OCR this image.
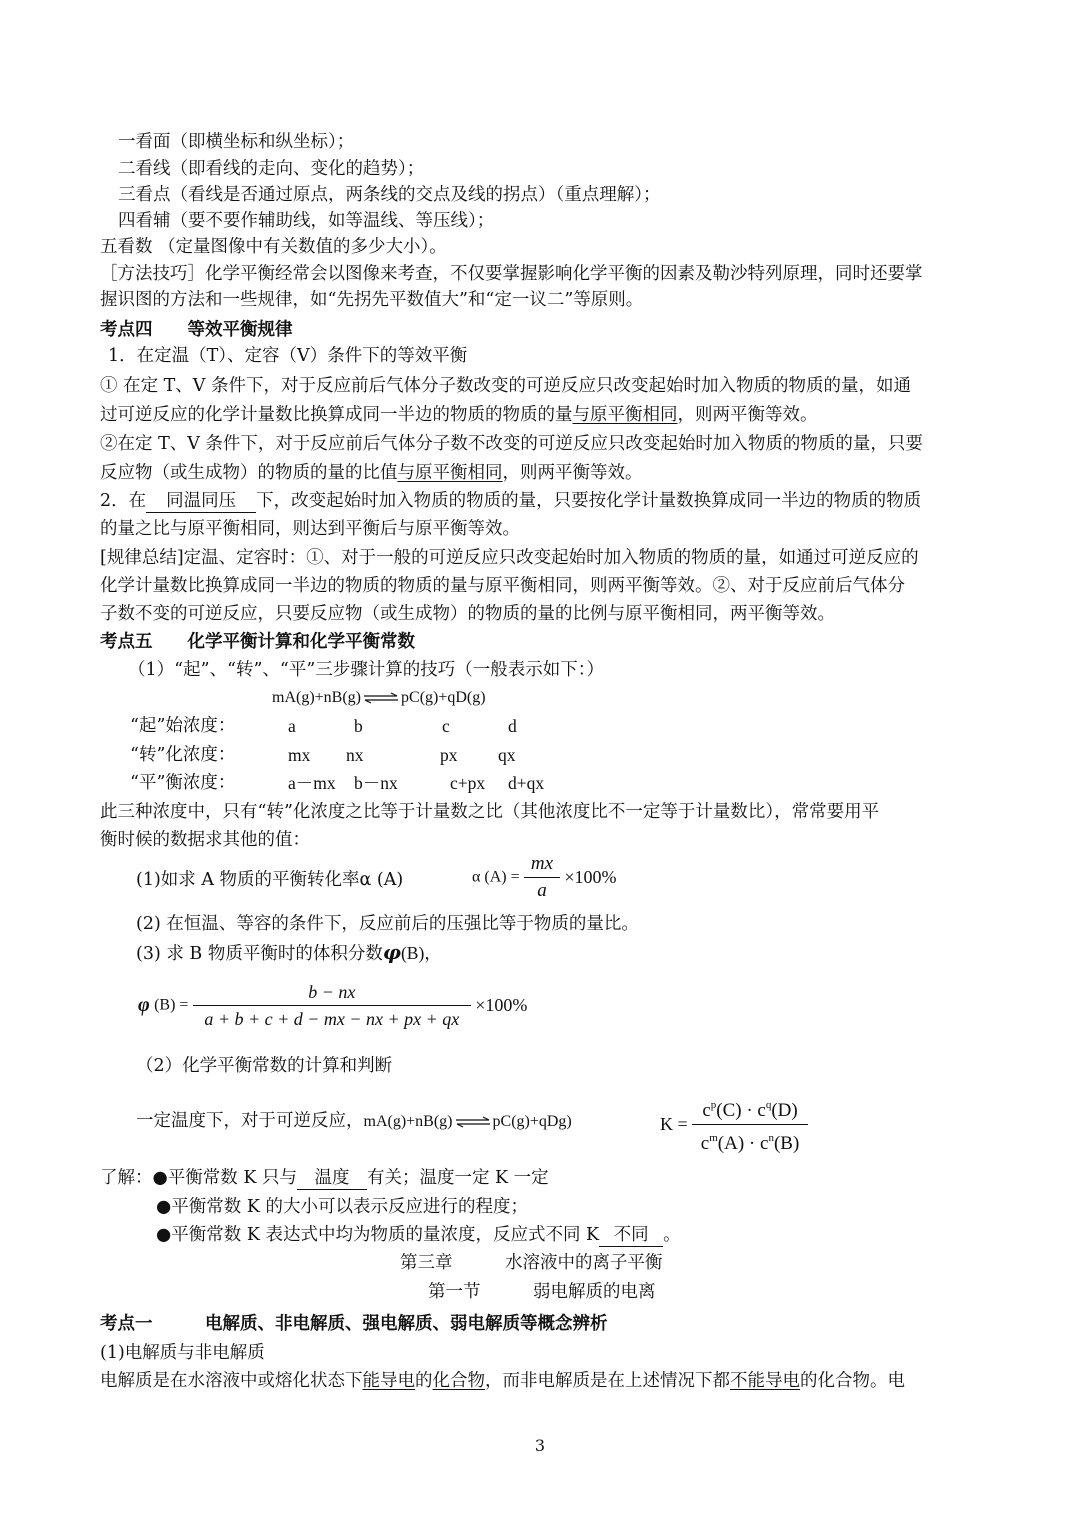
一看面（即横坐标和纵坐标）；
二看线（即看线的走向、变化的趋势）；
三看点（看线是否通过原点，两条线的交点及线的拐点）（重点理解）；
四看辅（要不要作辅助线，如等温线、等压线）；
五看数 （定量图像中有关数值的多少大小）。
［方法技巧］化学平衡经常会以图像来考查，不仅要掌握影响化学平衡的因素及勒沙特列原理，同时还要掌
握识图的方法和一些规律，如“先拐先平数值大”和“定一议二”等原则。
考点四　　等效平衡规律
1．在定温（T）、定容（V）条件下的等效平衡
① 在定 T、V 条件下，对于反应前后气体分子数改变的可逆反应只改变起始时加入物质的物质的量，如通
过可逆反应的化学计量数比换算成同一半边的物质的物质的量与原平衡相同，则两平衡等效。
②在定 T、V 条件下，对于反应前后气体分子数不改变的可逆反应只改变起始时加入物质的物质的量，只要
反应物（或生成物）的物质的量的比值与原平衡相同，则两平衡等效。
2．在 同温同压 下，改变起始时加入物质的物质的量，只要按化学计量数换算成同一半边的物质的物质
的量之比与原平衡相同，则达到平衡后与原平衡等效。
[规律总结]定温、定容时：①、对于一般的可逆反应只改变起始时加入物质的物质的量，如通过可逆反应的
化学计量数比换算成同一半边的物质的物质的量与原平衡相同，则两平衡等效。②、对于反应前后气体分
子数不变的可逆反应，只要反应物（或生成物）的物质的量的比例与原平衡相同，两平衡等效。
考点五　　化学平衡计算和化学平衡常数
（1）“起”、“转”、“平”三步骤计算的技巧（一般表示如下：）
mA(g)+nB(g) ⇌ pC(g)+qD(g)
“起”始浓度：	a	b	c	d
“转”化浓度：	mx nx	px qx
“平”衡浓度：	a－mx b－nx	c+px d+qx
此三种浓度中，只有“转”化浓度之比等于计量数之比（其他浓度比不一定等于计量数比），常常要用平
衡时候的数据求其他的值：
(1)如求 A 物质的平衡转化率α (A)	α $(A) = \frac{mx}{a} \times 100\%$
(2) 在恒温、等容的条件下，反应前后的压强比等于物质的量比。
(3) 求 B 物质平衡时的体积分数φ(B)，
φ $(B) = \frac{b - nx}{a + b + c + d - mx - nx + px + qx} \times 100\%$
（2）化学平衡常数的计算和判断
一定温度下，对于可逆反应，mA(g)+nB(g) ⇌ pC(g)+qDg)	$K = \frac{c^p(C) \cdot c^q(D)}{c^m(A) \cdot c^n(B)}$
了解：●平衡常数 K 只与 温度 有关；温度一定 K 一定
●平衡常数 K 的大小可以表示反应进行的程度；
●平衡常数 K 表达式中均为物质的量浓度，反应式不同 K 不同 。
第三章　　　水溶液中的离子平衡
第一节　　　弱电解质的电离
考点一　　　电解质、非电解质、强电解质、弱电解质等概念辨析
(1)电解质与非电解质
电解质是在水溶液中或熔化状态下能导电的化合物，而非电解质是在上述情况下都不能导电的化合物。电
3
